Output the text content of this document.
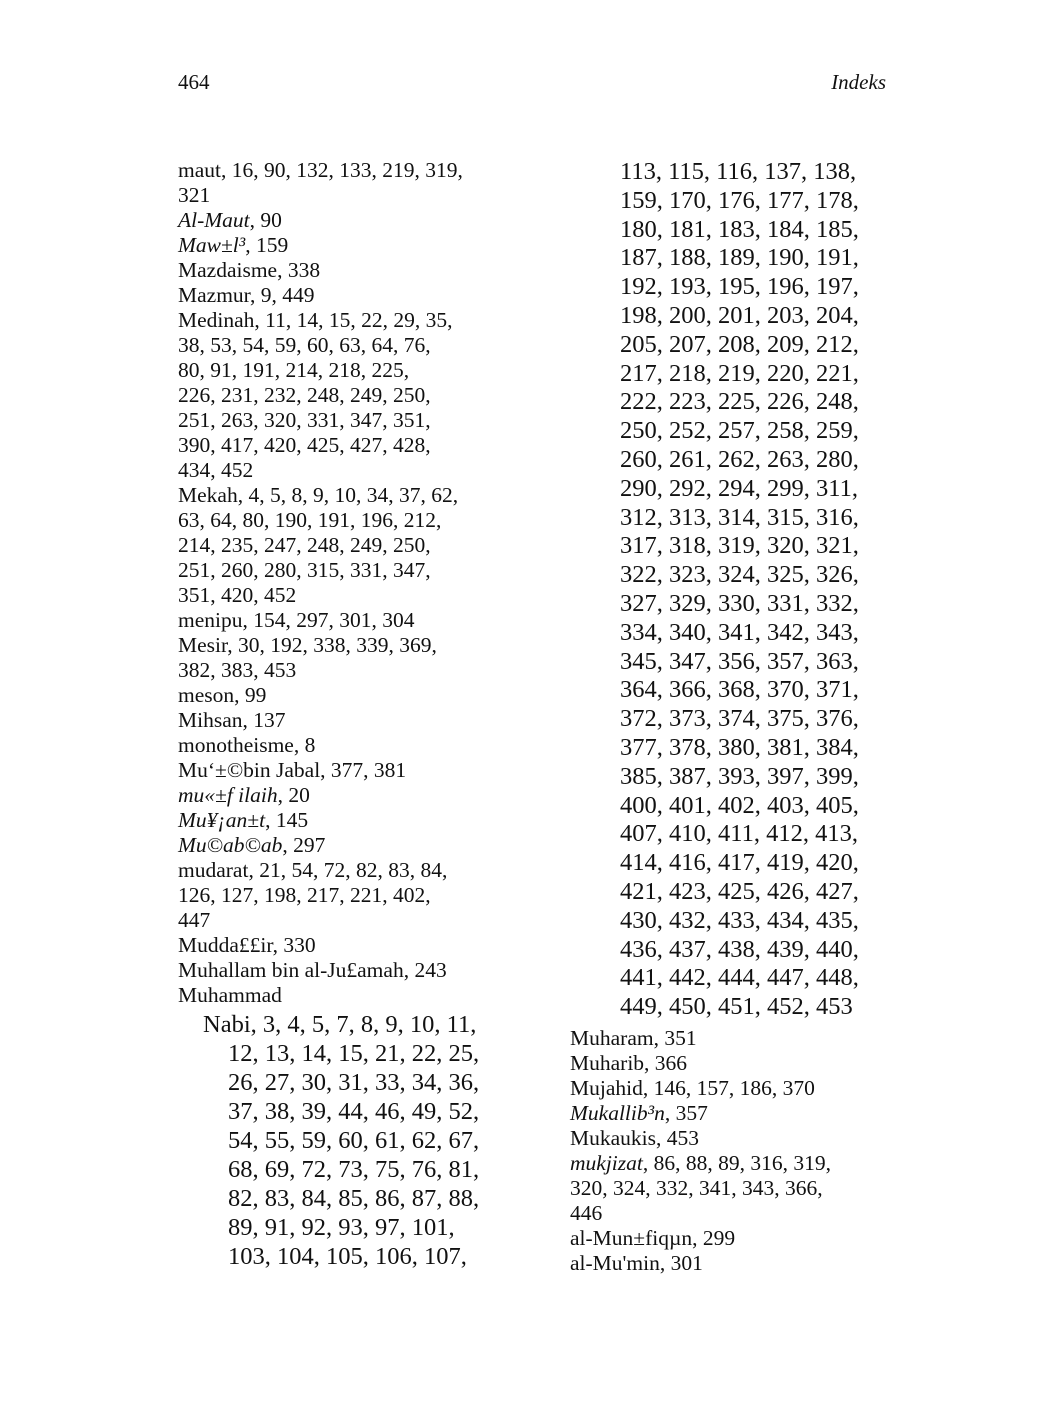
464	Indeks
maut, 16, 90, 132, 133, 219, 319,
321
Al-Maut, 90
Maw±l³, 159
Mazdaisme, 338
Mazmur, 9, 449
Medinah, 11, 14, 15, 22, 29, 35,
38, 53, 54, 59, 60, 63, 64, 76,
80, 91, 191, 214, 218, 225,
226, 231, 232, 248, 249, 250,
251, 263, 320, 331, 347, 351,
390, 417, 420, 425, 427, 428,
434, 452
Mekah, 4, 5, 8, 9, 10, 34, 37, 62,
63, 64, 80, 190, 191, 196, 212,
214, 235, 247, 248, 249, 250,
251, 260, 280, 315, 331, 347,
351, 420, 452
menipu, 154, 297, 301, 304
Mesir, 30, 192, 338, 339, 369,
382, 383, 453
meson, 99
Mihsan, 137
monotheisme, 8
Mu‘±©bin Jabal, 377, 381
mu«±f ilaih, 20
Mu¥¡an±t, 145
Mu©ab©ab, 297
mudarat, 21, 54, 72, 82, 83, 84,
126, 127, 198, 217, 221, 402,
447
Mudda££ir, 330
Muhallam bin al-Ju£amah, 243
Muhammad
Nabi, 3, 4, 5, 7, 8, 9, 10, 11,
12, 13, 14, 15, 21, 22, 25,
26, 27, 30, 31, 33, 34, 36,
37, 38, 39, 44, 46, 49, 52,
54, 55, 59, 60, 61, 62, 67,
68, 69, 72, 73, 75, 76, 81,
82, 83, 84, 85, 86, 87, 88,
89, 91, 92, 93, 97, 101,
103, 104, 105, 106, 107,
113, 115, 116, 137, 138,
159, 170, 176, 177, 178,
180, 181, 183, 184, 185,
187, 188, 189, 190, 191,
192, 193, 195, 196, 197,
198, 200, 201, 203, 204,
205, 207, 208, 209, 212,
217, 218, 219, 220, 221,
222, 223, 225, 226, 248,
250, 252, 257, 258, 259,
260, 261, 262, 263, 280,
290, 292, 294, 299, 311,
312, 313, 314, 315, 316,
317, 318, 319, 320, 321,
322, 323, 324, 325, 326,
327, 329, 330, 331, 332,
334, 340, 341, 342, 343,
345, 347, 356, 357, 363,
364, 366, 368, 370, 371,
372, 373, 374, 375, 376,
377, 378, 380, 381, 384,
385, 387, 393, 397, 399,
400, 401, 402, 403, 405,
407, 410, 411, 412, 413,
414, 416, 417, 419, 420,
421, 423, 425, 426, 427,
430, 432, 433, 434, 435,
436, 437, 438, 439, 440,
441, 442, 444, 447, 448,
449, 450, 451, 452, 453
Muharam, 351
Muharib, 366
Mujahid, 146, 157, 186, 370
Mukallib³n, 357
Mukaukis, 453
mukjizat, 86, 88, 89, 316, 319,
320, 324, 332, 341, 343, 366,
446
al-Mun±fiqµn, 299
al-Mu'min, 301
